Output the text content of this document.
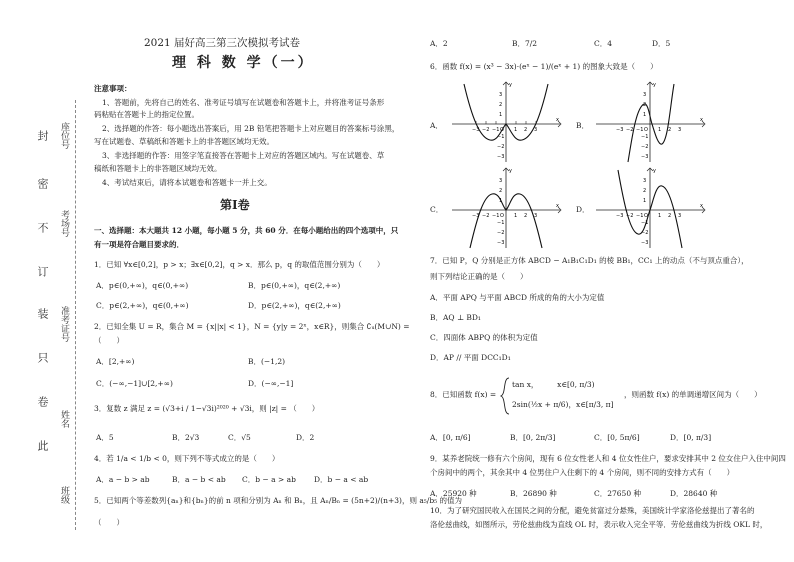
封
密
不
订
装
只
卷
此
座位号
考场号
准考证号
姓名
班级
2021 届好高三第三次模拟考试卷
理 科 数 学（一）
注意事项：
1、答题前，先将自己的姓名、准考证号填写在试题卷和答题卡上，并将准考证号条形
码粘贴在答题卡上的指定位置。
2、选择题的作答：每小题选出答案后，用 2B 铅笔把答题卡上对应题目的答案标号涂黑，
写在试题卷、草稿纸和答题卡上的非答题区域均无效。
3、非选择题的作答：用签字笔直接答在答题卡上对应的答题区域内。写在试题卷、草
稿纸和答题卡上的非答题区域均无效。
4、考试结束后，请将本试题卷和答题卡一并上交。
第Ⅰ卷
一、选择题：本大题共 12 小题，每小题 5 分，共 60 分．在每小题给出的四个选项中，只
有一项是符合题目要求的．
1．已知 ∀x∈[0,2]，p > x；∃x∈[0,2]，q > x．那么 p，q 的取值范围分别为（　　）
A．p∈(0,+∞)，q∈(0,+∞)	B．p∈(0,+∞)，q∈(2,+∞)
C．p∈(2,+∞)，q∈(0,+∞)	D．p∈(2,+∞)，q∈(2,+∞)
2．已知全集 U = R，集合 M = {x||x| < 1}，N = {y|y = 2ˣ，x∈R}，则集合 ∁ᵤ(M∪N) =
（　　）
A．[2,+∞)	B．(−1,2)
C．(−∞,−1]∪[2,+∞)	D．(−∞,−1]
3．复数 z 满足 z = (√3+i / 1−√3i)²⁰²⁰ + √3i，则 |z| = （　　）
A．5	B．2√3	C．√5	D．2
4．若 1/a < 1/b < 0，则下列不等式成立的是（　　）
A．a − b > ab	B．a − b < ab C．b − a > ab D．b − a < ab
5．已知两个等差数列{aₙ}和{bₙ}的前 n 项和分别为 Aₙ 和 Bₙ，且 Aₙ/Bₙ = (5n+2)/(n+3)，则 a₅/b₅ 的值为
（　　）
A．2	B．7/2	C．4	D．5
6．函数 f(x) = (x³ − 3x)·(eˣ − 1)/(eˣ + 1) 的图象大致是（　　）
A．	−3 −2 −1 O 1 2 3
x
y
3
2
1
−1
−2
−3
B．	−3 −2 −1 O 1 2 3
x
y
3
2
1
−1
−2
−3
C．
−3 −2 −1 O 1 2 3
x
y
3
2
1
−1
−2
−3
D．
−3 −2 −1 O 1 2 3
x
y
3
2
1
−1
−2
−3
7．已知 P，Q 分别是正方体 ABCD − A₁B₁C₁D₁ 的棱 BB₁，CC₁ 上的动点（不与顶点重合），
则下列结论正确的是（　　）
A．平面 APQ 与平面 ABCD 所成的角的大小为定值
B．AQ ⊥ BD₁
C．四面体 ABPQ 的体积为定值
D．AP // 平面 DCC₁D₁
8．已知函数 f(x) =
tan x，　　　x∈[0, π/3)
2sin(½x + π/6)，x∈[π/3, π]
，则函数 f(x) 的单调递增区间为（　　）
A．[0, π/6]	B．[0, 2π/3]	C．[0, 5π/6]	D．[0, π/3]
9．某养老院统一修有六个房间，现有 6 位女性老人和 4 位女性住户，要求安排其中 2 位女住户入住中间四
个房间中的两个，其余其中 4 位男住户入住剩下的 4 个房间，则不同的安排方式有（　　）
A．25920 种	B．26890 种	C．27650 种	D．28640 种
10．为了研究国民收入在国民之间的分配，避免贫富过分悬殊，美国统计学家洛伦兹提出了著名的
洛伦兹曲线，如图所示，劳伦兹曲线为直线 OL 时，表示收入完全平等．劳伦兹曲线为折线 OKL 时，
